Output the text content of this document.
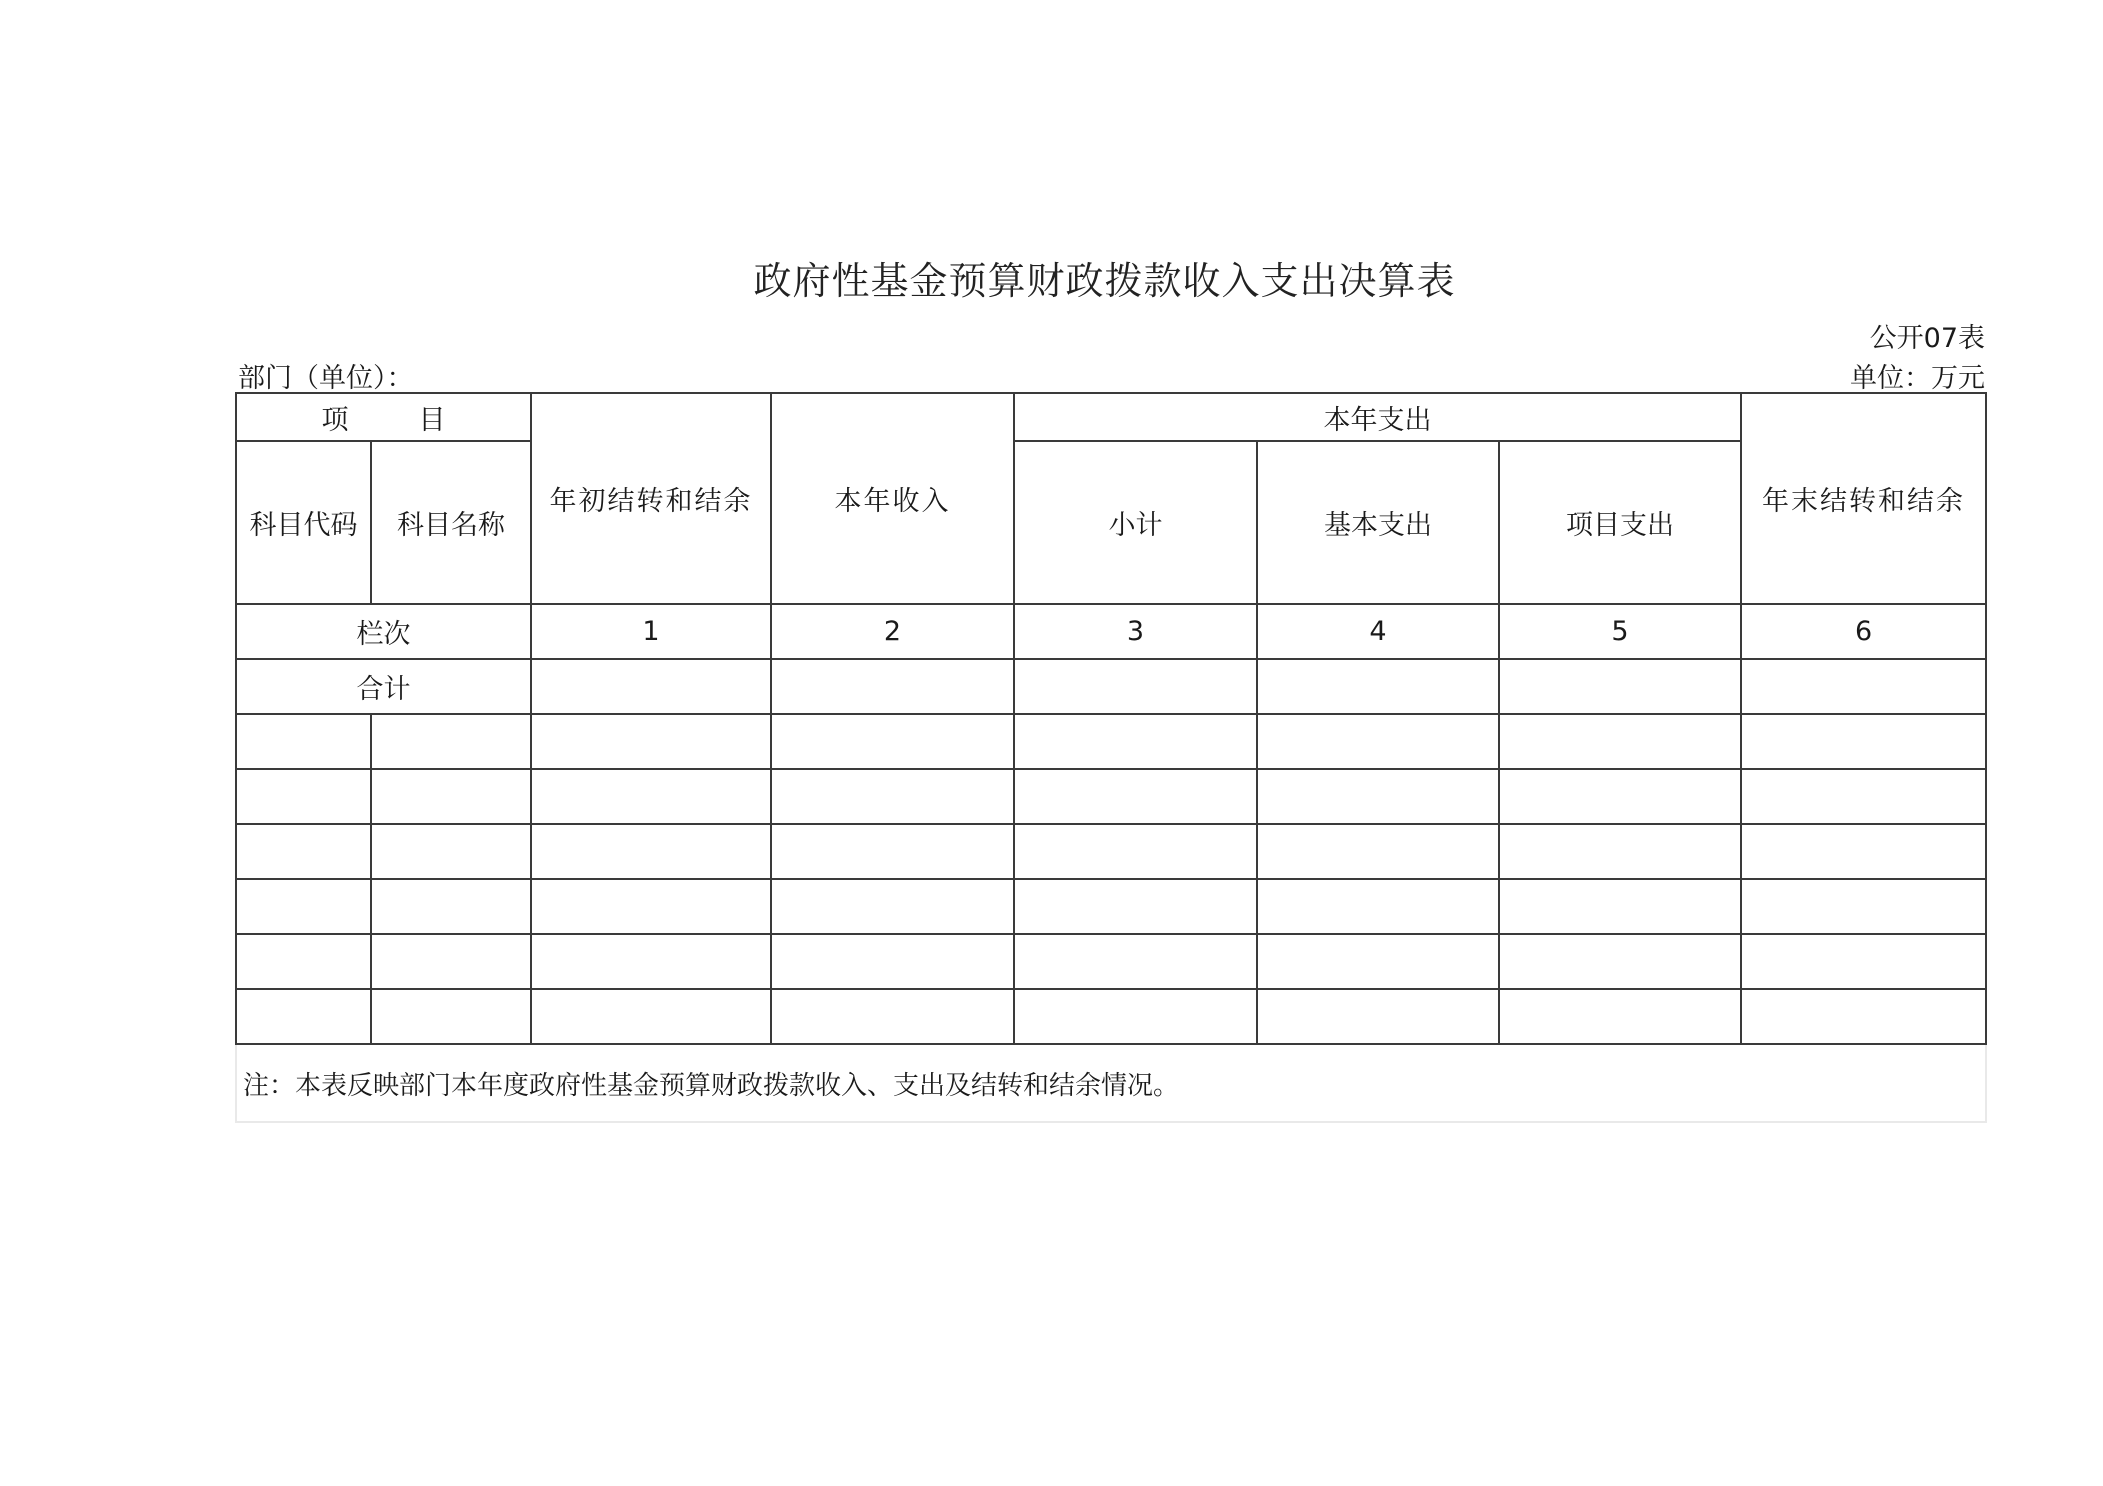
政府性基金预算财政拨款收入支出决算表
公开07表
部门（单位）：	单位：万元
项 目		年初结转和结余	本年收入	本年支出			年末结转和结余
科目代码	科目名称			小计	基本支出	项目支出	
栏次		1	2	3	4	5	6
合计							

注：本表反映部门本年度政府性基金预算财政拨款收入、支出及结转和结余情况。							
